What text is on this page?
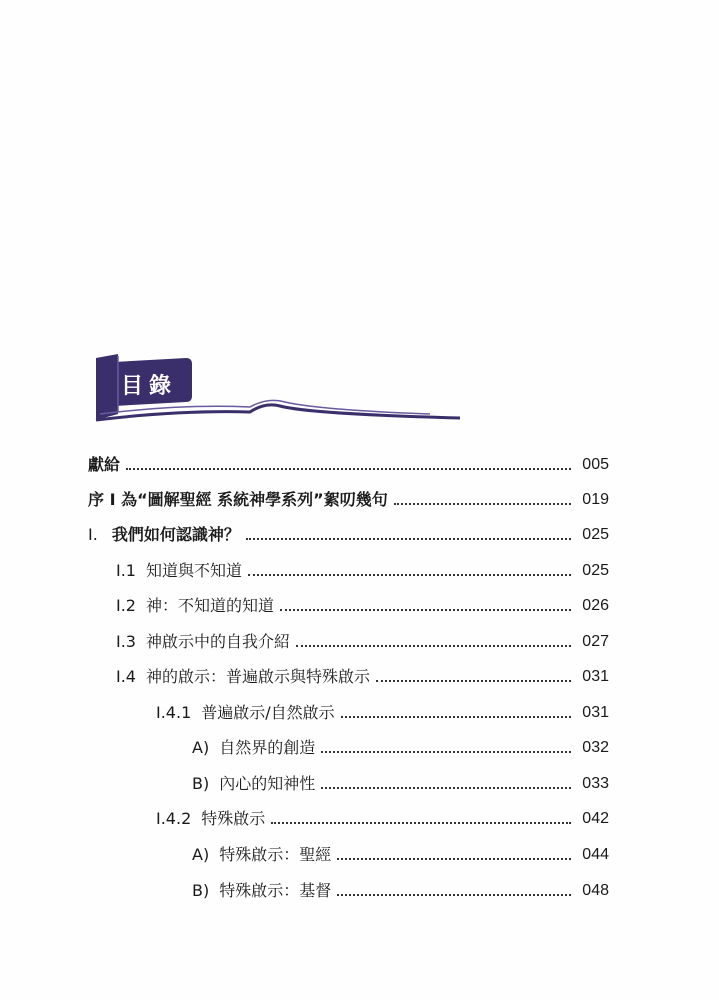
目錄
獻給	005
序 I 為“圖解聖經 系統神學系列”絮叨幾句	019
I. 我們如何認識神？	025
I.1 知道與不知道	025
I.2 神：不知道的知道	026
I.3 神啟示中的自我介紹	027
I.4 神的啟示：普遍啟示與特殊啟示	031
I.4.1 普遍啟示/自然啟示	031
A) 自然界的創造	032
B) 內心的知神性	033
I.4.2 特殊啟示	042
A) 特殊啟示：聖經	044
B) 特殊啟示：基督	048
